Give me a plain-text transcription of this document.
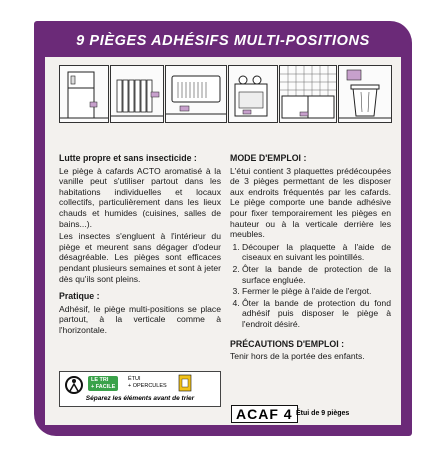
9 PIÈGES ADHÉSIFS MULTI-POSITIONS
Lutte propre et sans insecticide :
Le piège à cafards ACTO aromatisé à la vanille peut s'utiliser partout dans les habitations individuelles et locaux collectifs, particulièrement dans les lieux chauds et humides (cuisines, salles de bains...).
Les insectes s'engluent à l'intérieur du piège et meurent sans dégager d'odeur désagréable. Les pièges sont efficaces pendant plusieurs semaines et sont à jeter dès qu'ils sont pleins.
Pratique :
Adhésif, le piège multi-positions se place partout, à la verticale comme à l'horizontale.
LE TRI
+ FACILE
ÉTUI
+ OPERCULES
Séparez les éléments avant de trier
MODE D'EMPLOI :
L'étui contient 3 plaquettes prédécoupées de 3 pièges permettant de les disposer aux endroits fréquentés par les cafards. Le piège comporte une bande adhésive pour fixer temporairement les pièges en hauteur ou à la verticale derrière les meubles.
1. Découper la plaquette à l'aide de ciseaux en suivant les pointillés.
2. Ôter la bande de protection de la surface engluée.
3. Fermer le piège à l'aide de l'ergot.
4. Ôter la bande de protection du fond adhésif puis disposer le piège à l'endroit désiré.
PRÉCAUTIONS D'EMPLOI :
Tenir hors de la portée des enfants.
ACAF 4 Étui de 9 pièges
